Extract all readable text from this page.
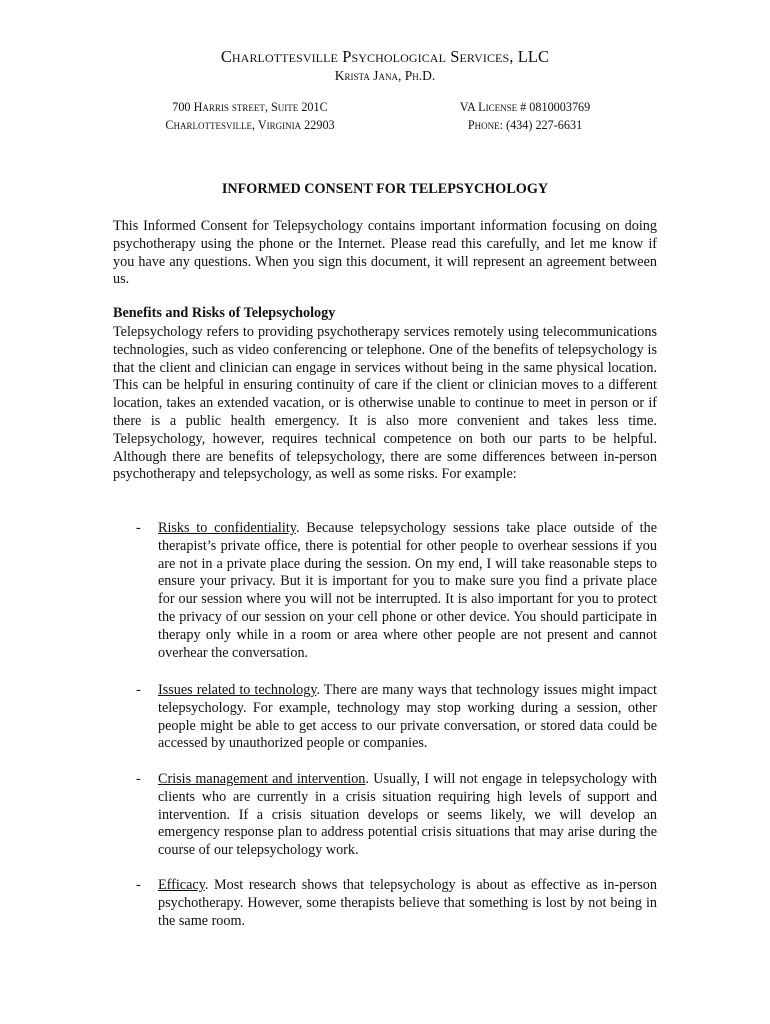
Charlottesville Psychological Services, LLC
Krista Jana, Ph.D.
700 Harris street, Suite 201C
Charlottesville, Virginia 22903
VA License # 0810003769
Phone: (434) 227-6631
INFORMED CONSENT FOR TELEPSYCHOLOGY

This Informed Consent for Telepsychology contains important information focusing on doing psychotherapy using the phone or the Internet. Please read this carefully, and let me know if you have any questions. When you sign this document, it will represent an agreement between us.

Benefits and Risks of Telepsychology

Telepsychology refers to providing psychotherapy services remotely using telecommunications technologies, such as video conferencing or telephone. One of the benefits of telepsychology is that the client and clinician can engage in services without being in the same physical location. This can be helpful in ensuring continuity of care if the client or clinician moves to a different location, takes an extended vacation, or is otherwise unable to continue to meet in person or if there is a public health emergency. It is also more convenient and takes less time. Telepsychology, however, requires technical competence on both our parts to be helpful. Although there are benefits of telepsychology, there are some differences between in-person psychotherapy and telepsychology, as well as some risks. For example:

- Risks to confidentiality. Because telepsychology sessions take place outside of the therapist’s private office, there is potential for other people to overhear sessions if you are not in a private place during the session. On my end, I will take reasonable steps to ensure your privacy. But it is important for you to make sure you find a private place for our session where you will not be interrupted. It is also important for you to protect the privacy of our session on your cell phone or other device. You should participate in therapy only while in a room or area where other people are not present and cannot overhear the conversation.
- Issues related to technology. There are many ways that technology issues might impact telepsychology. For example, technology may stop working during a session, other people might be able to get access to our private conversation, or stored data could be accessed by unauthorized people or companies.
- Crisis management and intervention. Usually, I will not engage in telepsychology with clients who are currently in a crisis situation requiring high levels of support and intervention. If a crisis situation develops or seems likely, we will develop an emergency response plan to address potential crisis situations that may arise during the course of our telepsychology work.
- Efficacy. Most research shows that telepsychology is about as effective as in-person psychotherapy. However, some therapists believe that something is lost by not being in the same room.
